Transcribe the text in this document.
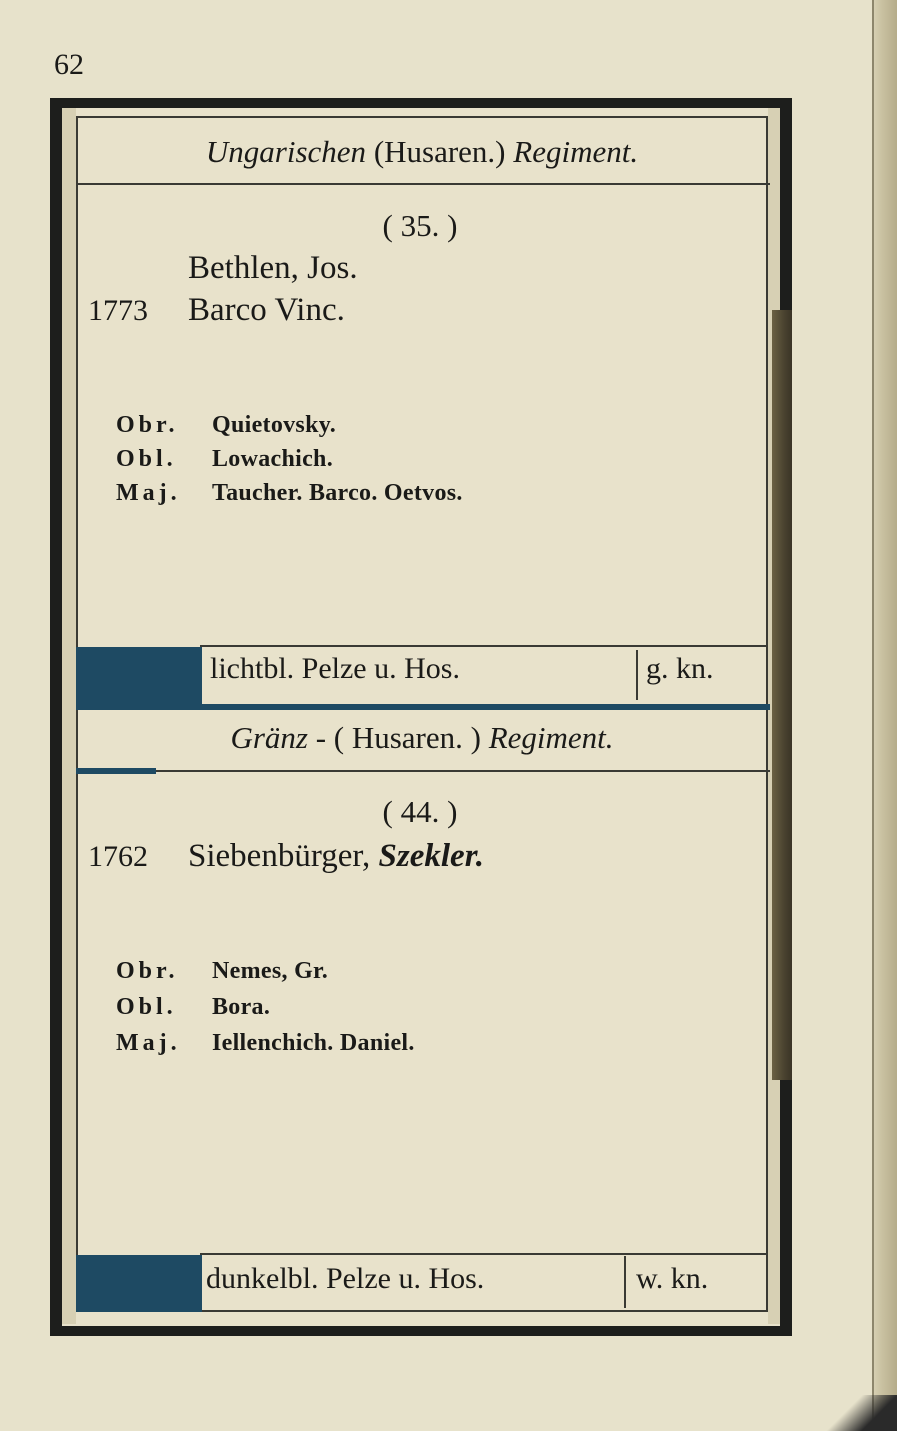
62
Ungarischen (Husaren.) Regiment.
( 35. )
Bethlen, Jos.
1773 Barco Vinc.
Obr. Quietovsky.
Obl. Lowachich.
Maj. Taucher. Barco. Oetvos.
lichtbl. Pelze u. Hos.	g. kn.
Gränz - ( Husaren. ) Regiment.
( 44. )
1762 Siebenbürger, Szekler.
Obr. Nemes, Gr.
Obl. Bora.
Maj. Iellenchich. Daniel.
dunkelbl. Pelze u. Hos.	w. kn.
